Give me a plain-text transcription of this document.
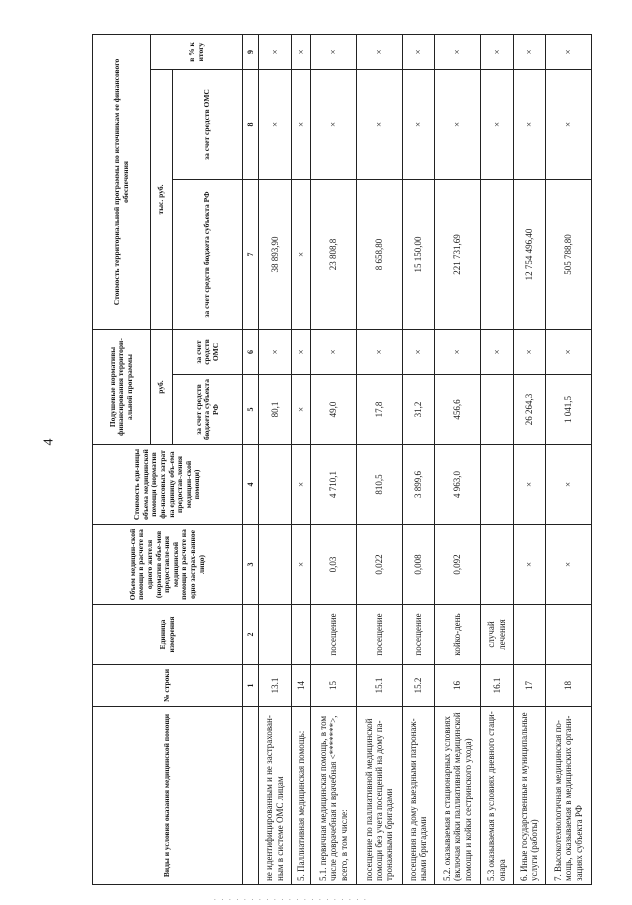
4
Виды и условия оказания медицинской помощи	№ строки	Единица измерения	Объем медицин-ской помощи в расчете на одного жителя (норматив объе-мов предоставле-ния медицинской помощи в расчете на одно застрах-ванное лицо)	Стоимость еди-ницы объема медицинской помощи (норматив фи-нансовых затрат на единицу объ-ема предостав-ления медицин-ской помощи)	Подушевые нормативы финансирования территори-альной программы		Стоимость территориальной программы по источникам ее финансового обеспечения		
					руб.		тыс. руб.		в % к итогу
					за счет средств бюджета субъекта РФ	за счет средств ОМС	за счет средств бюджета субъекта РФ	за счет средств ОМС	
	1	2	3	4	5	6	7	8	9
не идентифицированным и не застрахован-ным в системе ОМС лицам	13.1				80,1	×	38 893,90	×	×
5. Паллиативная медицинская помощь:	14		×	×	×	×	×	×	×
5.1. первичная медицинская помощь, в том числе доврачебная и врачебная <*******>, всего, в том числе:	15	посещение	0,03	4 710,1	49,0	×	23 808,8	×	×
посещение по паллиативной медицинской помощи без учета посещений на дому па-тронажными бригадами	15.1	посещение	0,022	810,5	17,8	×	8 658,80	×	×
посещения на дому выездными патронаж-ными бригадами	15.2	посещение	0,008	3 899,6	31,2	×	15 150,00	×	×
5.2. оказываемая в стационарных условиях (включая койки паллиативной медицинской помощи и койки сестринского ухода)	16	койко-день	0,092	4 963,0	456,6	×	221 731,69	×	×
5.3 оказываемая в условиях дневного стаци-онара	16.1	случай лечения				×		×	×
6. Иные государственные и муниципальные услуги (работы)	17		×	×	26 264,3	×	12 754 496,40	×	×
7. Высокотехнологичная медицинская по-мощь, оказываемая в медицинских органи-зациях субъекта РФ	18		×	×	1 041,5	×	505 788,80	×	×
. . . . . . . . . . . . . . . . . . . . .
